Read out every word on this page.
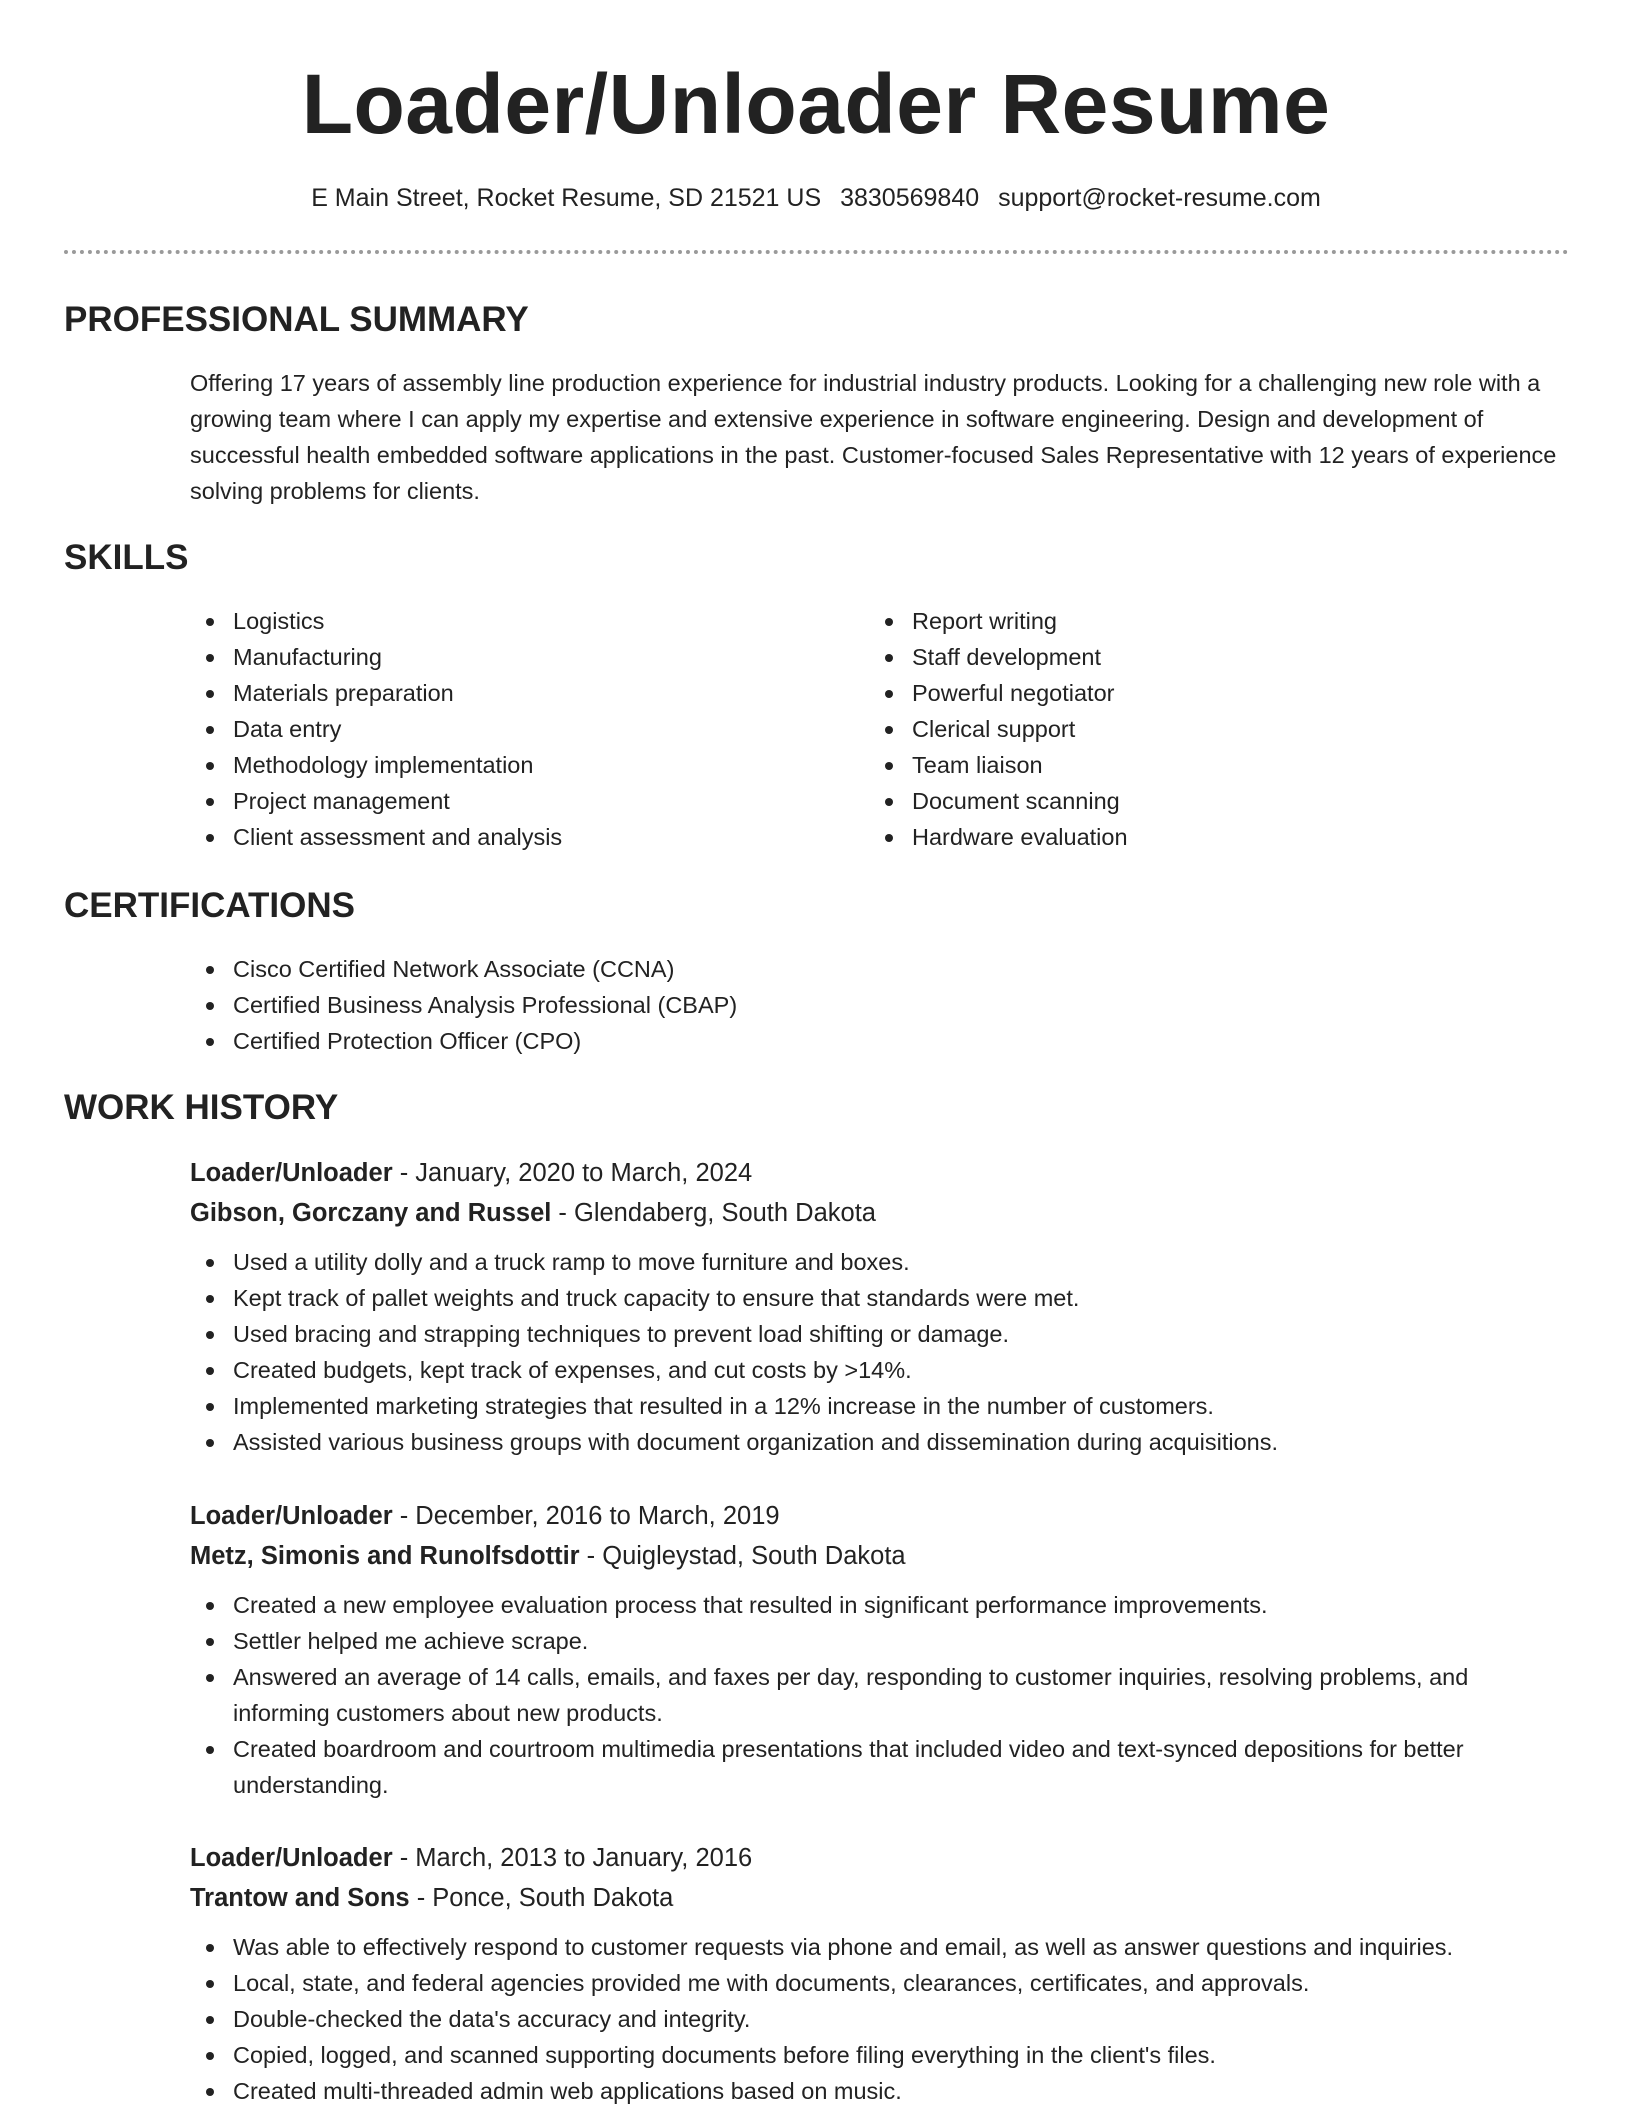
Loader/Unloader Resume
E Main Street, Rocket Resume, SD 21521 US 3830569840 support@rocket-resume.com
PROFESSIONAL SUMMARY

Offering 17 years of assembly line production experience for industrial industry products. Looking for a challenging new role with a growing team where I can apply my expertise and extensive experience in software engineering. Design and development of successful health embedded software applications in the past. Customer-focused Sales Representative with 12 years of experience solving problems for clients.

SKILLS
Logistics
Manufacturing
Materials preparation
Data entry
Methodology implementation
Project management
Client assessment and analysis
Report writing
Staff development
Powerful negotiator
Clerical support
Team liaison
Document scanning
Hardware evaluation
CERTIFICATIONS
Cisco Certified Network Associate (CCNA)
Certified Business Analysis Professional (CBAP)
Certified Protection Officer (CPO)
WORK HISTORY

Loader/Unloader - January, 2020 to March, 2024

Gibson, Gorczany and Russel - Glendaberg, South Dakota

Used a utility dolly and a truck ramp to move furniture and boxes.
Kept track of pallet weights and truck capacity to ensure that standards were met.
Used bracing and strapping techniques to prevent load shifting or damage.
Created budgets, kept track of expenses, and cut costs by >14%.
Implemented marketing strategies that resulted in a 12% increase in the number of customers.
Assisted various business groups with document organization and dissemination during acquisitions.

Loader/Unloader - December, 2016 to March, 2019

Metz, Simonis and Runolfsdottir - Quigleystad, South Dakota

Created a new employee evaluation process that resulted in significant performance improvements.
Settler helped me achieve scrape.
Answered an average of 14 calls, emails, and faxes per day, responding to customer inquiries, resolving problems, and informing customers about new products.
Created boardroom and courtroom multimedia presentations that included video and text-synced depositions for better understanding.

Loader/Unloader - March, 2013 to January, 2016

Trantow and Sons - Ponce, South Dakota

Was able to effectively respond to customer requests via phone and email, as well as answer questions and inquiries.
Local, state, and federal agencies provided me with documents, clearances, certificates, and approvals.
Double-checked the data's accuracy and integrity.
Copied, logged, and scanned supporting documents before filing everything in the client's files.
Created multi-threaded admin web applications based on music.
